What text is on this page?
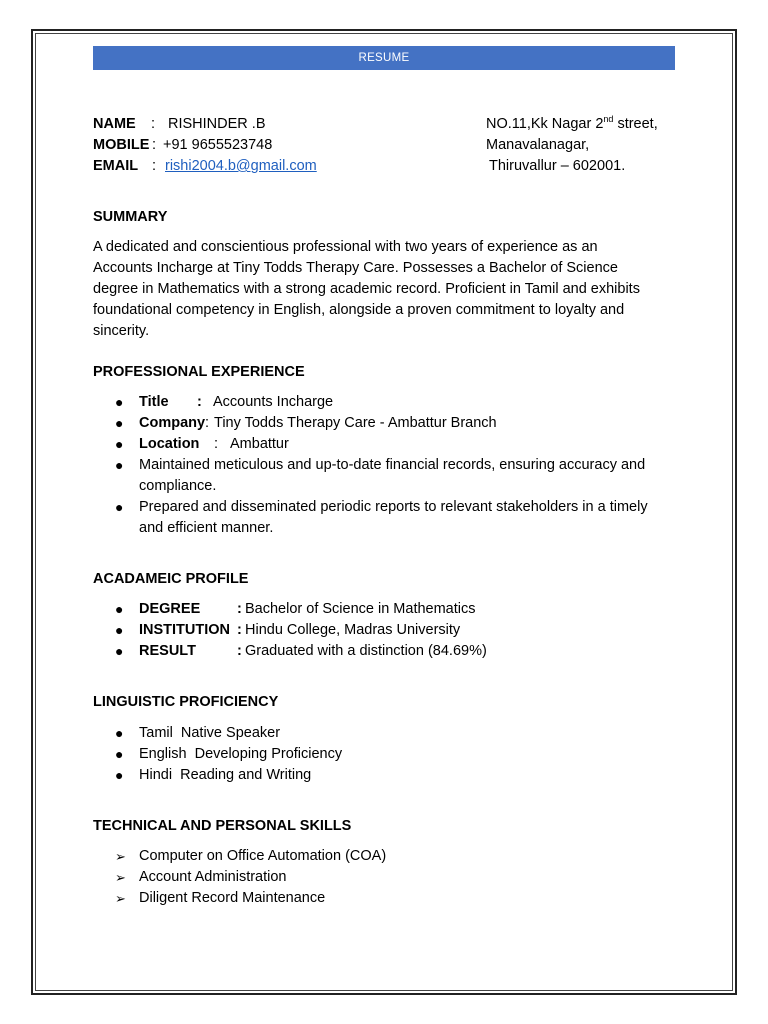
RESUME
NAME : RISHINDER .B
MOBILE : +91 9655523748
EMAIL : rishi2004.b@gmail.com
NO.11,Kk Nagar 2nd street,
Manavalanagar,
Thiruvallur – 602001.
SUMMARY
A dedicated and conscientious professional with two years of experience as an Accounts Incharge at Tiny Todds Therapy Care. Possesses a Bachelor of Science degree in Mathematics with a strong academic record. Proficient in Tamil and exhibits foundational competency in English, alongside a proven commitment to loyalty and sincerity.
PROFESSIONAL EXPERIENCE
● Title : Accounts Incharge
● Company: Tiny Todds Therapy Care - Ambattur Branch
● Location : Ambattur
● Maintained meticulous and up-to-date financial records, ensuring accuracy and compliance.
● Prepared and disseminated periodic reports to relevant stakeholders in a timely and efficient manner.
ACADAMEIC PROFILE
● DEGREE	: Bachelor of Science in Mathematics
● INSTITUTION : Hindu College, Madras University
● RESULT	: Graduated with a distinction (84.69%)
LINGUISTIC PROFICIENCY
● Tamil  Native Speaker
● English  Developing Proficiency
● Hindi  Reading and Writing
TECHNICAL AND PERSONAL SKILLS
➢ Computer on Office Automation (COA)
➢ Account Administration
➢ Diligent Record Maintenance
